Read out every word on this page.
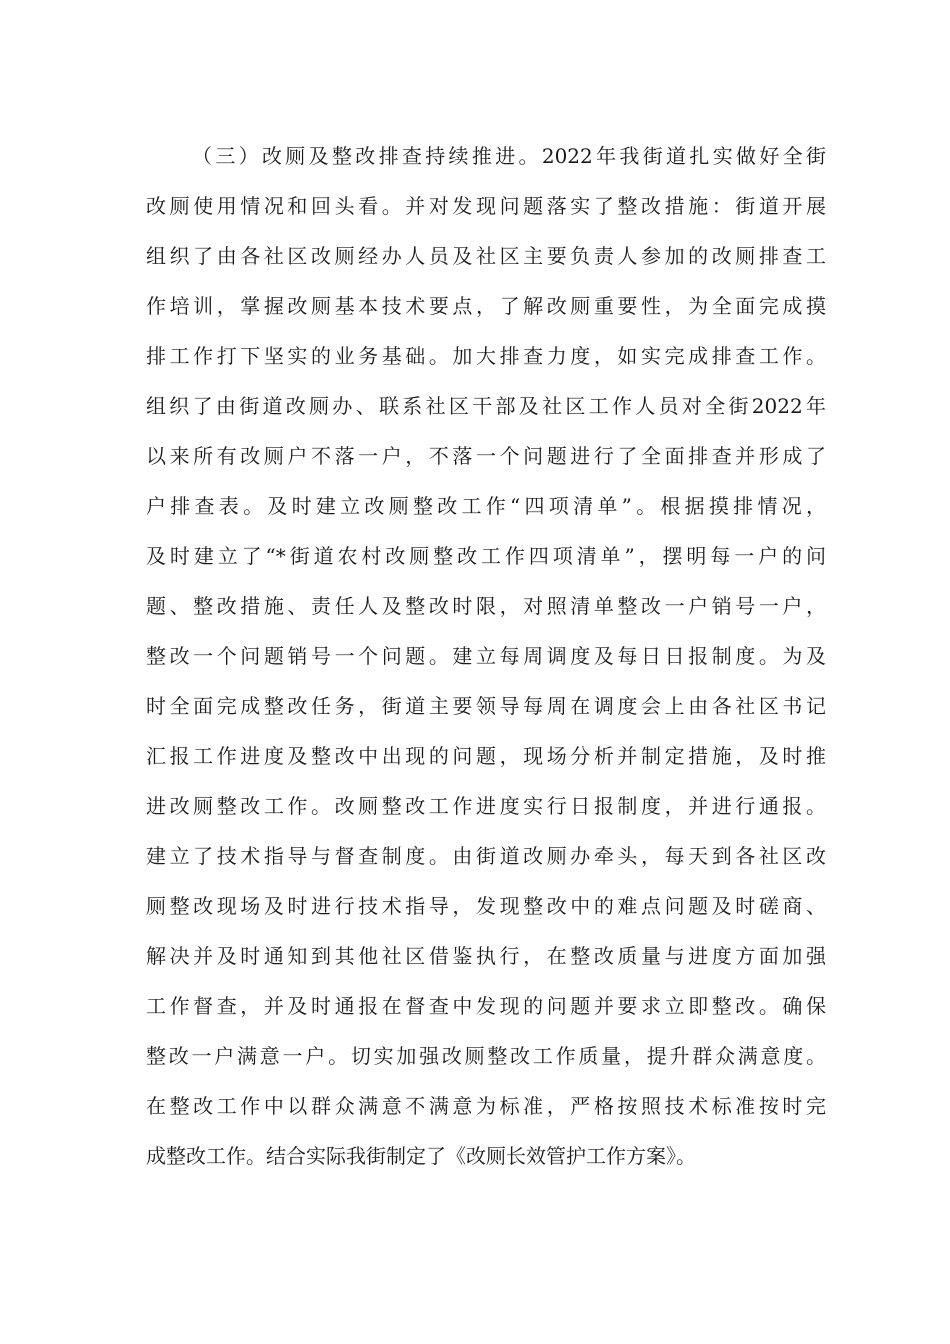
（三）改厕及整改排查持续推进。2022年我街道扎实做好全街
改厕使用情况和回头看。并对发现问题落实了整改措施：街道开展
组织了由各社区改厕经办人员及社区主要负责人参加的改厕排查工
作培训，掌握改厕基本技术要点，了解改厕重要性，为全面完成摸
排工作打下坚实的业务基础。加大排查力度，如实完成排查工作。
组织了由街道改厕办、联系社区干部及社区工作人员对全街2022年
以来所有改厕户不落一户，不落一个问题进行了全面排查并形成了
户排查表。及时建立改厕整改工作“四项清单”。根据摸排情况，
及时建立了“*街道农村改厕整改工作四项清单”，摆明每一户的问
题、整改措施、责任人及整改时限，对照清单整改一户销号一户，
整改一个问题销号一个问题。建立每周调度及每日日报制度。为及
时全面完成整改任务，街道主要领导每周在调度会上由各社区书记
汇报工作进度及整改中出现的问题，现场分析并制定措施，及时推
进改厕整改工作。改厕整改工作进度实行日报制度，并进行通报。
建立了技术指导与督查制度。由街道改厕办牵头，每天到各社区改
厕整改现场及时进行技术指导，发现整改中的难点问题及时磋商、
解决并及时通知到其他社区借鉴执行，在整改质量与进度方面加强
工作督查，并及时通报在督查中发现的问题并要求立即整改。确保
整改一户满意一户。切实加强改厕整改工作质量，提升群众满意度。
在整改工作中以群众满意不满意为标准，严格按照技术标准按时完
成整改工作。结合实际我街制定了《改厕长效管护工作方案》。
